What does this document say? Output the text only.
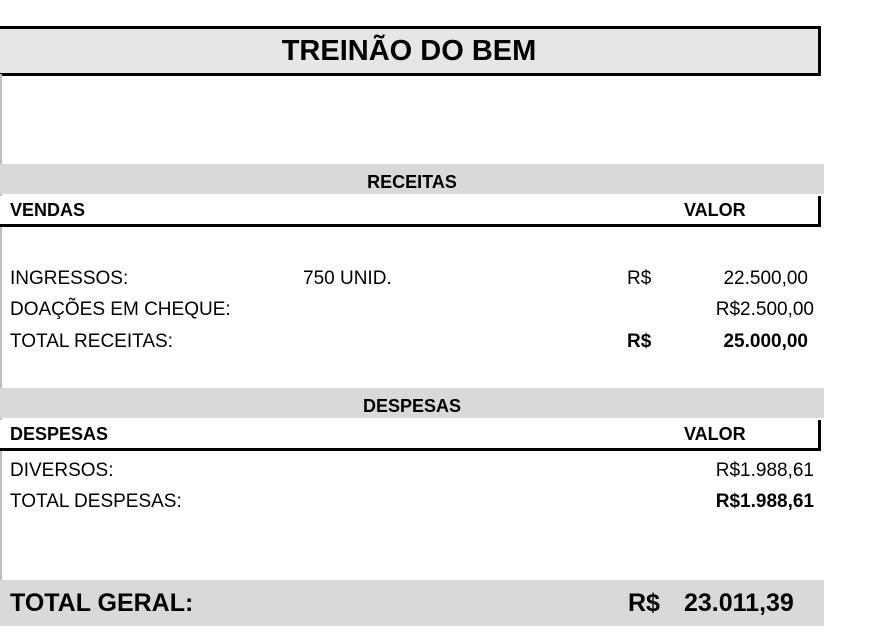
TREINÃO DO BEM
RECEITAS
VENDAS	VALOR
INGRESSOS:	750 UNID.	R$	22.500,00
DOAÇÕES EM CHEQUE:	R$2.500,00
TOTAL RECEITAS:	R$	25.000,00
DESPESAS
DESPESAS	VALOR
DIVERSOS:	R$1.988,61
TOTAL DESPESAS:	R$1.988,61
TOTAL GERAL:	R$ 23.011,39
